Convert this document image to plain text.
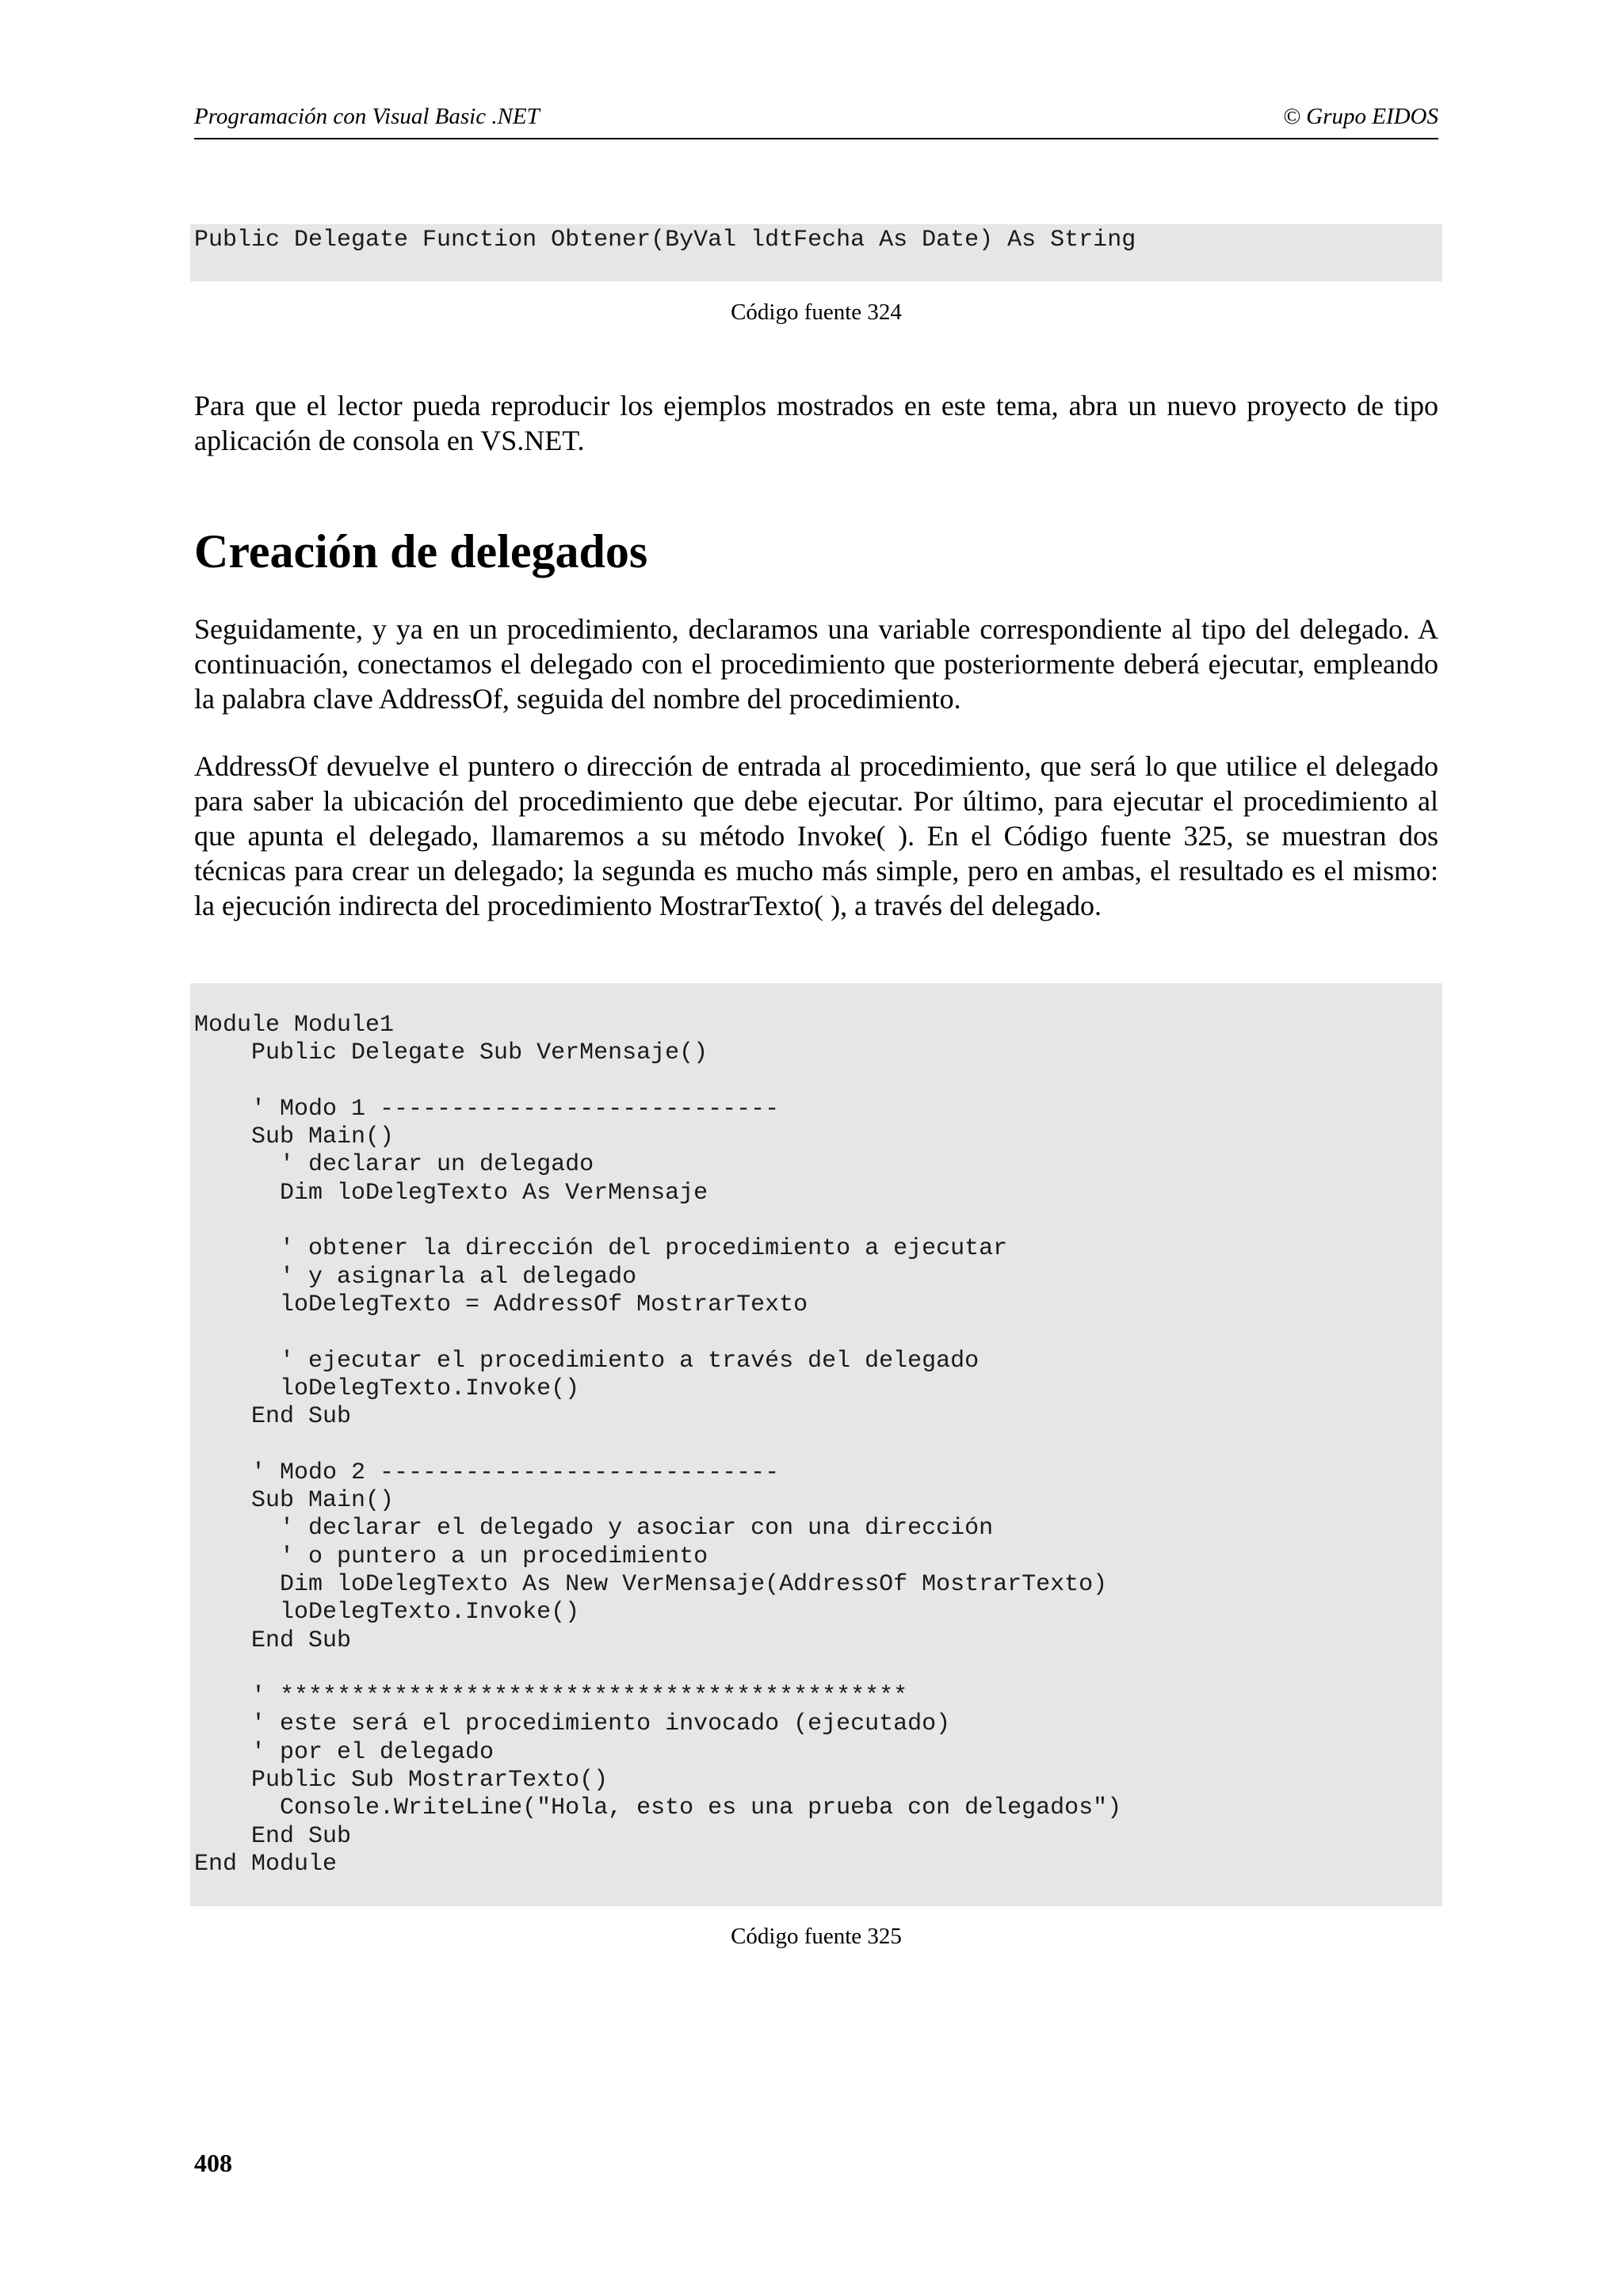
Programación con Visual Basic .NET	© Grupo EIDOS
Public Delegate Function Obtener(ByVal ldtFecha As Date) As String
Código fuente 324

Para que el lector pueda reproducir los ejemplos mostrados en este tema, abra un nuevo proyecto de tipo aplicación de consola en VS.NET.

Creación de delegados

Seguidamente, y ya en un procedimiento, declaramos una variable correspondiente al tipo del delegado. A continuación, conectamos el delegado con el procedimiento que posteriormente deberá ejecutar, empleando la palabra clave AddressOf, seguida del nombre del procedimiento.

AddressOf devuelve el puntero o dirección de entrada al procedimiento, que será lo que utilice el delegado para saber la ubicación del procedimiento que debe ejecutar. Por último, para ejecutar el procedimiento al que apunta el delegado, llamaremos a su método Invoke( ). En el Código fuente 325, se muestran dos técnicas para crear un delegado; la segunda es mucho más simple, pero en ambas, el resultado es el mismo: la ejecución indirecta del procedimiento MostrarTexto( ), a través del delegado.

Module Module1
Public Delegate Sub VerMensaje()

' Modo 1 ----------------------------
Sub Main()
' declarar un delegado
Dim loDelegTexto As VerMensaje

' obtener la dirección del procedimiento a ejecutar
' y asignarla al delegado
loDelegTexto = AddressOf MostrarTexto

' ejecutar el procedimiento a través del delegado
loDelegTexto.Invoke()
End Sub

' Modo 2 ----------------------------
Sub Main()
' declarar el delegado y asociar con una dirección
' o puntero a un procedimiento
Dim loDelegTexto As New VerMensaje(AddressOf MostrarTexto)
loDelegTexto.Invoke()
End Sub

' ********************************************
' este será el procedimiento invocado (ejecutado)
' por el delegado
Public Sub MostrarTexto()
Console.WriteLine("Hola, esto es una prueba con delegados")
End Sub
End Module
Código fuente 325
408
